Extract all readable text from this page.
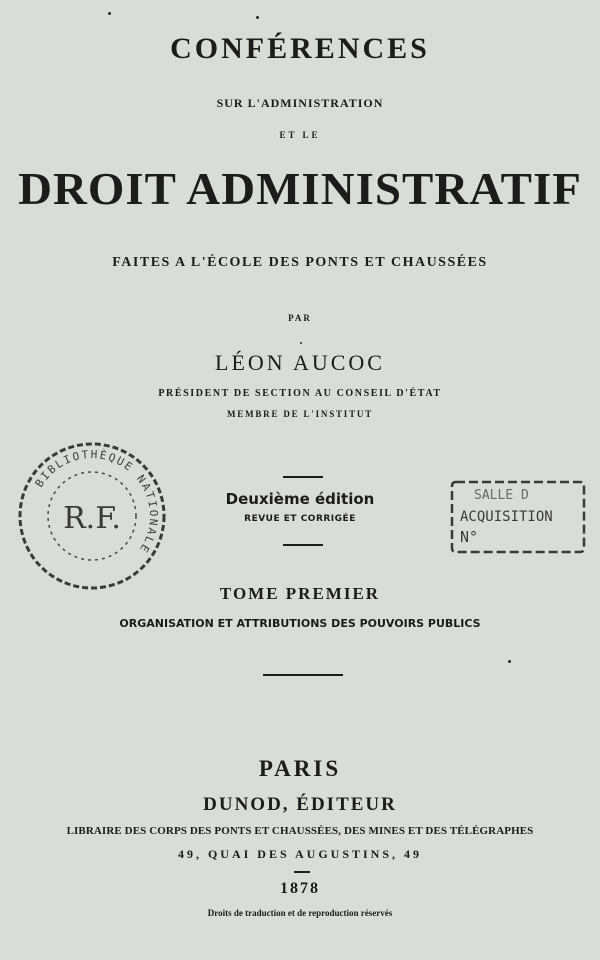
CONFÉRENCES
SUR L'ADMINISTRATION
ET LE
DROIT ADMINISTRATIF
FAITES A L'ÉCOLE DES PONTS ET CHAUSSÉES
PAR
LÉON AUCOC
PRÉSIDENT DE SECTION AU CONSEIL D'ÉTAT
MEMBRE DE L'INSTITUT
Deuxième édition
REVUE ET CORRIGÉE
TOME PREMIER
ORGANISATION ET ATTRIBUTIONS DES POUVOIRS PUBLICS
PARIS
DUNOD, ÉDITEUR
LIBRAIRE DES CORPS DES PONTS ET CHAUSSÉES, DES MINES ET DES TÉLÉGRAPHES
49, QUAI DES AUGUSTINS, 49
1878
Droits de traduction et de reproduction réservés
BIBLIOTHÈQUE NATIONALE
R.F.
SALLE D
ACQUISITION
N°
